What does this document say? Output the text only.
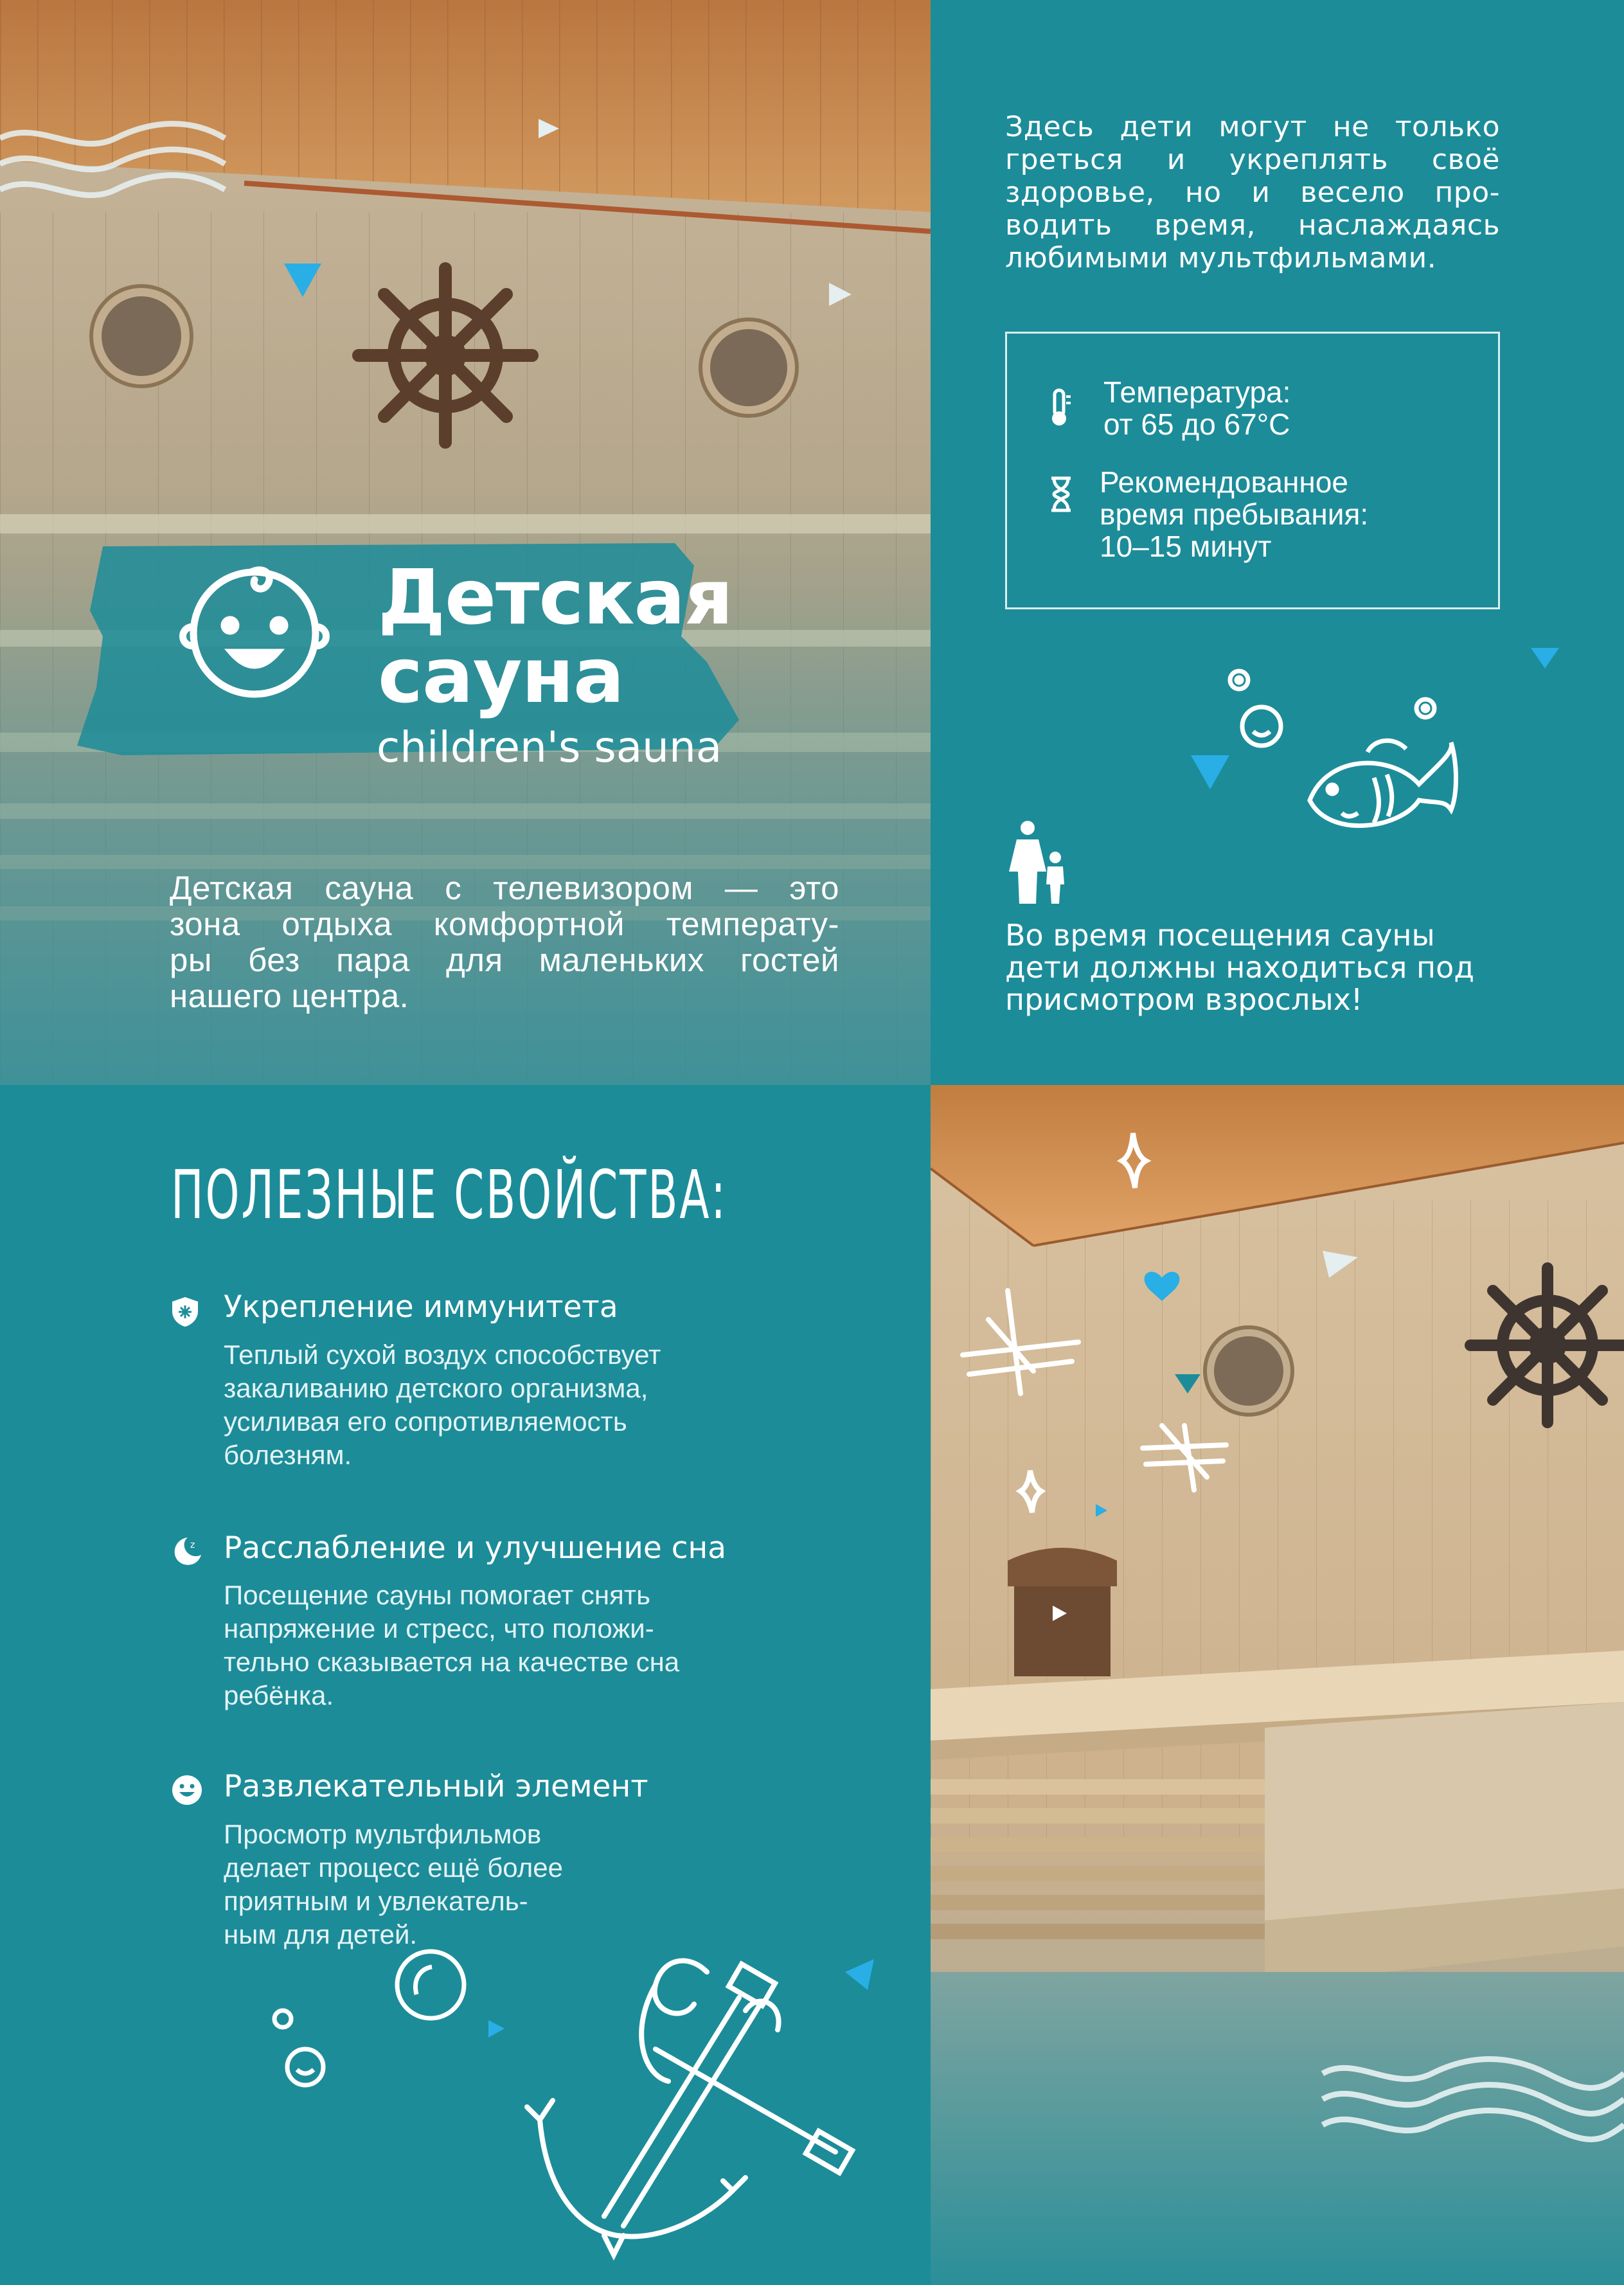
Детская
сауна
children's sauna
Детская сауна с телевизором — это
зона отдыха комфортной температу-
ры без пара для маленьких гостей
нашего центра.
Здесь дети могут не только
греться и укреплять своё
здоровье, но и весело про-
водить время, наслаждаясь
любимыми мультфильмами.
Температура:
от 65 до 67°C
Рекомендованное
время пребывания:
10–15 минут
Во время посещения сауны
дети должны находиться под
присмотром взрослых!
ПОЛЕЗНЫЕ СВОЙСТВА:
Укрепление иммунитета
Теплый сухой воздух способствует
закаливанию детского организма,
усиливая его сопротивляемость
болезням.
z Расслабление и улучшение сна
Посещение сауны помогает снять
напряжение и стресс, что положи-
тельно сказывается на качестве сна
ребёнка.
Развлекательный элемент
Просмотр мультфильмов
делает процесс ещё более
приятным и увлекатель-
ным для детей.
